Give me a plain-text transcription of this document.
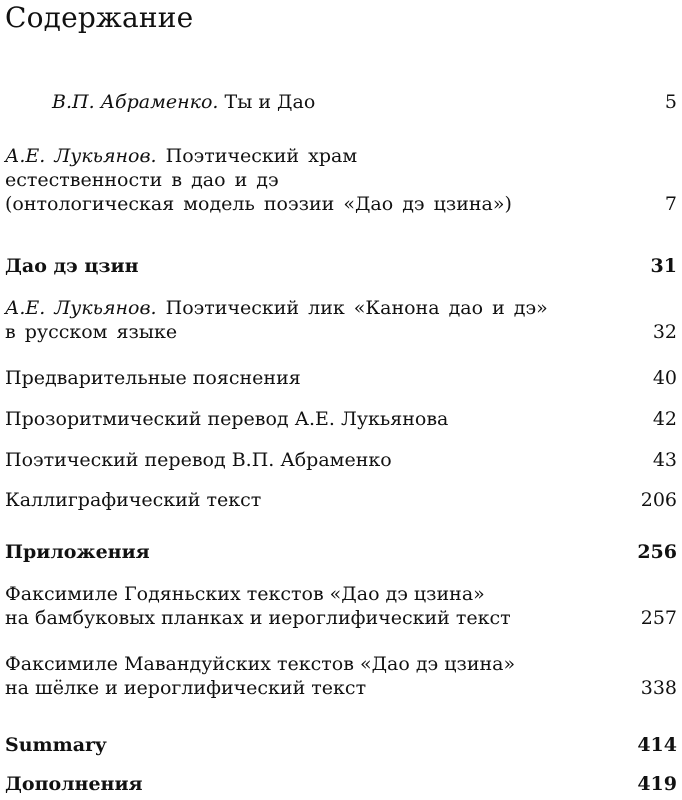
Содержание
В.П. Абраменко. Ты и Дао	5
А.Е. Лукьянов. Поэтический храм
естественности в дао и дэ
(онтологическая модель поэзии «Дао дэ цзина»)	7
Дао дэ цзин	31
А.Е. Лукьянов. Поэтический лик «Канона дао и дэ»
в русском языке	32
Предварительные пояснения	40
Прозоритмический перевод А.Е. Лукьянова	42
Поэтический перевод В.П. Абраменко	43
Каллиграфический текст	206
Приложения	256
Факсимиле Годяньских текстов «Дао дэ цзина»
на бамбуковых планках и иероглифический текст	257
Факсимиле Мавандуйских текстов «Дао дэ цзина»
на шёлке и иероглифический текст	338
Summary	414
Дополнения	419
